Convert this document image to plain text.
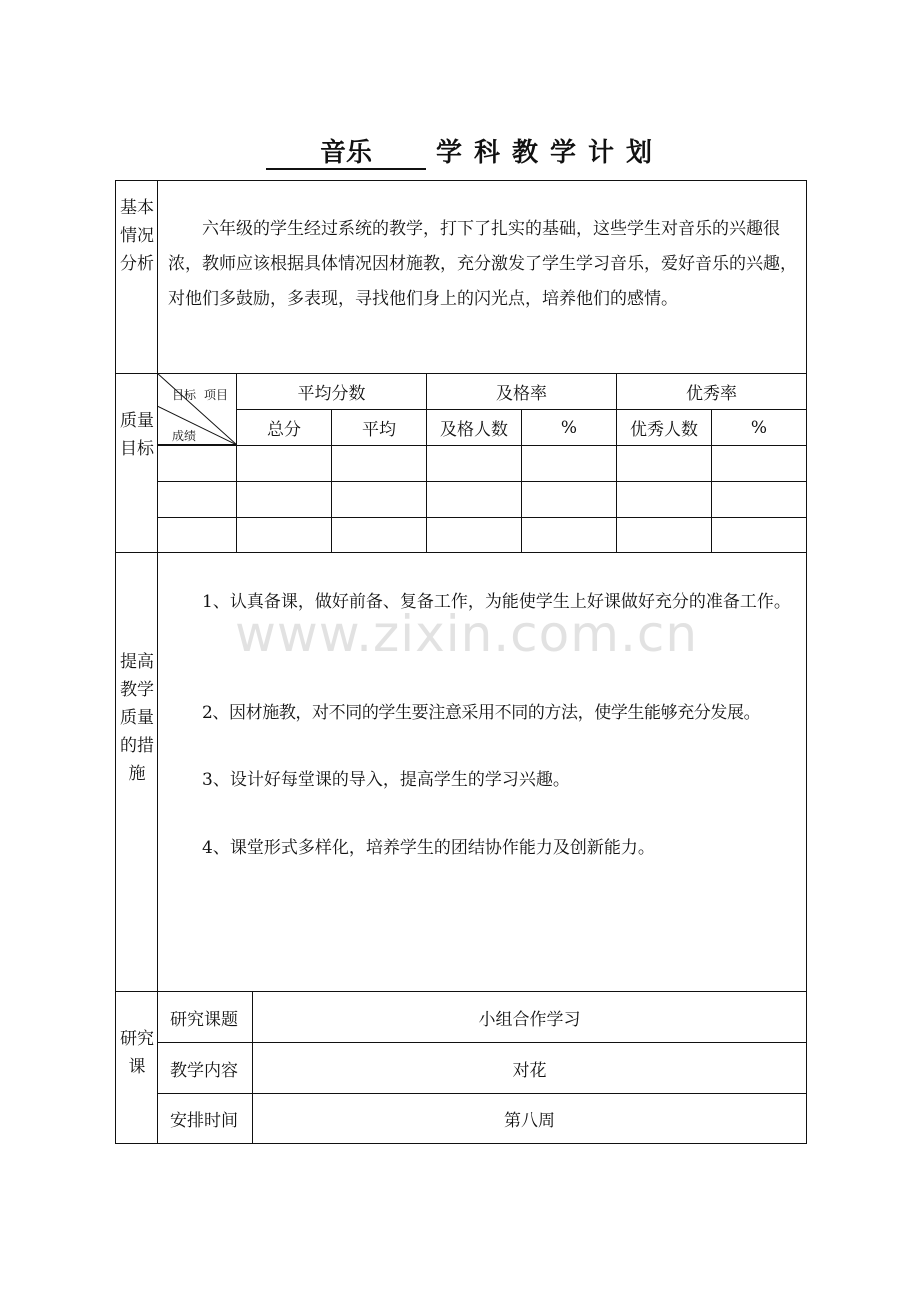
音乐	学科教学计划
基本情况分析
六年级的学生经过系统的教学，打下了扎实的基础，这些学生对音乐的兴趣很浓，教师应该根据具体情况因材施教，充分激发了学生学习音乐，爱好音乐的兴趣，对他们多鼓励，多表现，寻找他们身上的闪光点，培养他们的感情。
质量目标
目标 项目
成绩
平均分数	及格率	优秀率
总分	平均	及格人数	%	优秀人数	%
提高教学质量的措施
1、认真备课，做好前备、复备工作，为能使学生上好课做好充分的准备工作。
2、因材施教，对不同的学生要注意采用不同的方法，使学生能够充分发展。
3、设计好每堂课的导入，提高学生的学习兴趣。
4、课堂形式多样化，培养学生的团结协作能力及创新能力。
研究课
研究课题	小组合作学习
教学内容	对花
安排时间	第八周
www.zixin.com.cn
